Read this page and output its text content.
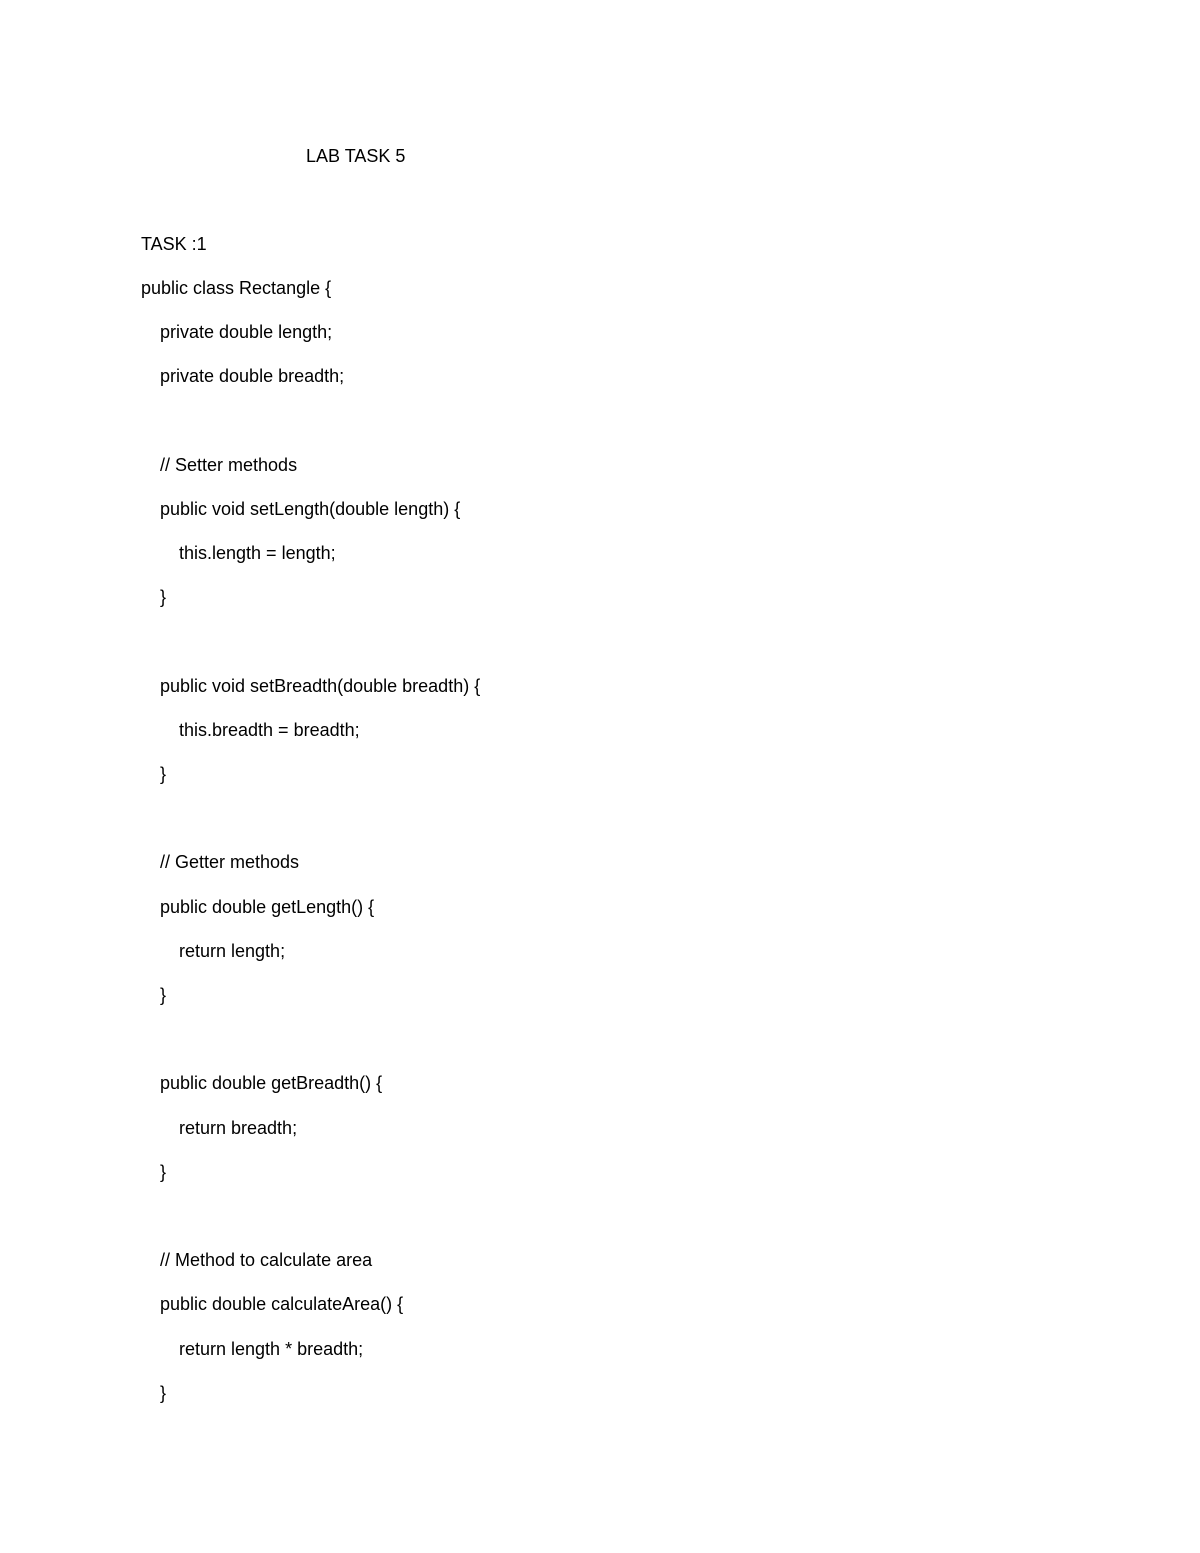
LAB TASK 5
TASK :1
public class Rectangle {
private double length;
private double breadth;
// Setter methods
public void setLength(double length) {
this.length = length;
}
public void setBreadth(double breadth) {
this.breadth = breadth;
}
// Getter methods
public double getLength() {
return length;
}
public double getBreadth() {
return breadth;
}
// Method to calculate area
public double calculateArea() {
return length * breadth;
}
